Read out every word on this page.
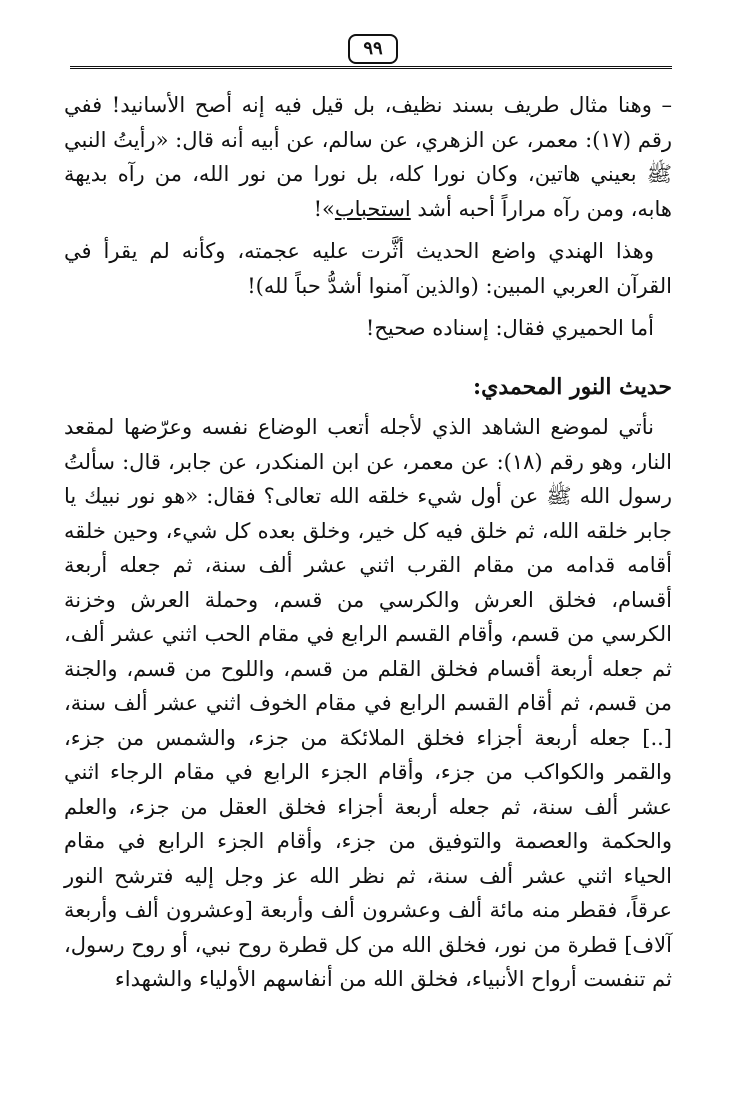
٩٩

– وهنا مثال طريف بسند نظيف، بل قيل فيه إنه أصح الأسانيد! ففي رقم (١٧): معمر، عن الزهري، عن سالم، عن أبيه أنه قال: «رأيتُ النبي ﷺ بعيني هاتين، وكان نورا كله، بل نورا من نور الله، من رآه بديهة هابه، ومن رآه مراراً أحبه أشد استحباب»!

وهذا الهندي واضع الحديث أثَّرت عليه عجمته، وكأنه لم يقرأ في القرآن العربي المبين: (والذين آمنوا أشدُّ حباً لله)!

أما الحميري فقال: إسناده صحيح!

حديث النور المحمدي:

نأتي لموضع الشاهد الذي لأجله أتعب الوضاع نفسه وعرّضها لمقعد النار، وهو رقم (١٨): عن معمر، عن ابن المنكدر، عن جابر، قال: سألتُ رسول الله ﷺ عن أول شيء خلقه الله تعالى؟ فقال: «هو نور نبيك يا جابر خلقه الله، ثم خلق فيه كل خير، وخلق بعده كل شيء، وحين خلقه أقامه قدامه من مقام القرب اثني عشر ألف سنة، ثم جعله أربعة أقسام، فخلق العرش والكرسي من قسم، وحملة العرش وخزنة الكرسي من قسم، وأقام القسم الرابع في مقام الحب اثني عشر ألف، ثم جعله أربعة أقسام فخلق القلم من قسم، واللوح من قسم، والجنة من قسم، ثم أقام القسم الرابع في مقام الخوف اثني عشر ألف سنة، [..] جعله أربعة أجزاء فخلق الملائكة من جزء، والشمس من جزء، والقمر والكواكب من جزء، وأقام الجزء الرابع في مقام الرجاء اثني عشر ألف سنة، ثم جعله أربعة أجزاء فخلق العقل من جزء، والعلم والحكمة والعصمة والتوفيق من جزء، وأقام الجزء الرابع في مقام الحياء اثني عشر ألف سنة، ثم نظر الله عز وجل إليه فترشح النور عرقاً، فقطر منه مائة ألف وعشرون ألف وأربعة [وعشرون ألف وأربعة آلاف] قطرة من نور، فخلق الله من كل قطرة روح نبي، أو روح رسول، ثم تنفست أرواح الأنبياء، فخلق الله من أنفاسهم الأولياء والشهداء
